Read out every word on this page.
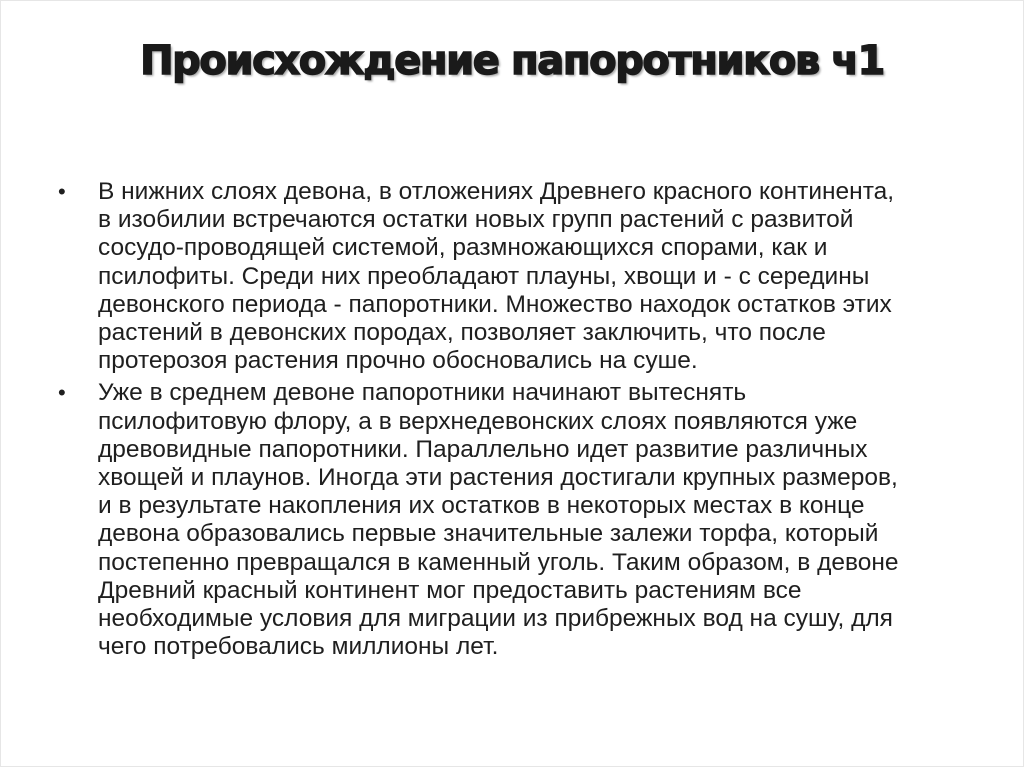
Происхождение папоротников ч1
• В нижних слоях девона, в отложениях Древнего красного континента,
в изобилии встречаются остатки новых групп растений с развитой
сосудо-проводящей системой, размножающихся спорами, как и
псилофиты. Среди них преобладают плауны, хвощи и - с середины
девонского периода - папоротники. Множество находок остатков этих
растений в девонских породах, позволяет заключить, что после
протерозоя растения прочно обосновались на суше.
• Уже в среднем девоне папоротники начинают вытеснять
псилофитовую флору, а в верхнедевонских слоях появляются уже
древовидные папоротники. Параллельно идет развитие различных
хвощей и плаунов. Иногда эти растения достигали крупных размеров,
и в результате накопления их остатков в некоторых местах в конце
девона образовались первые значительные залежи торфа, который
постепенно превращался в каменный уголь. Таким образом, в девоне
Древний красный континент мог предоставить растениям все
необходимые условия для миграции из прибрежных вод на сушу, для
чего потребовались миллионы лет.
